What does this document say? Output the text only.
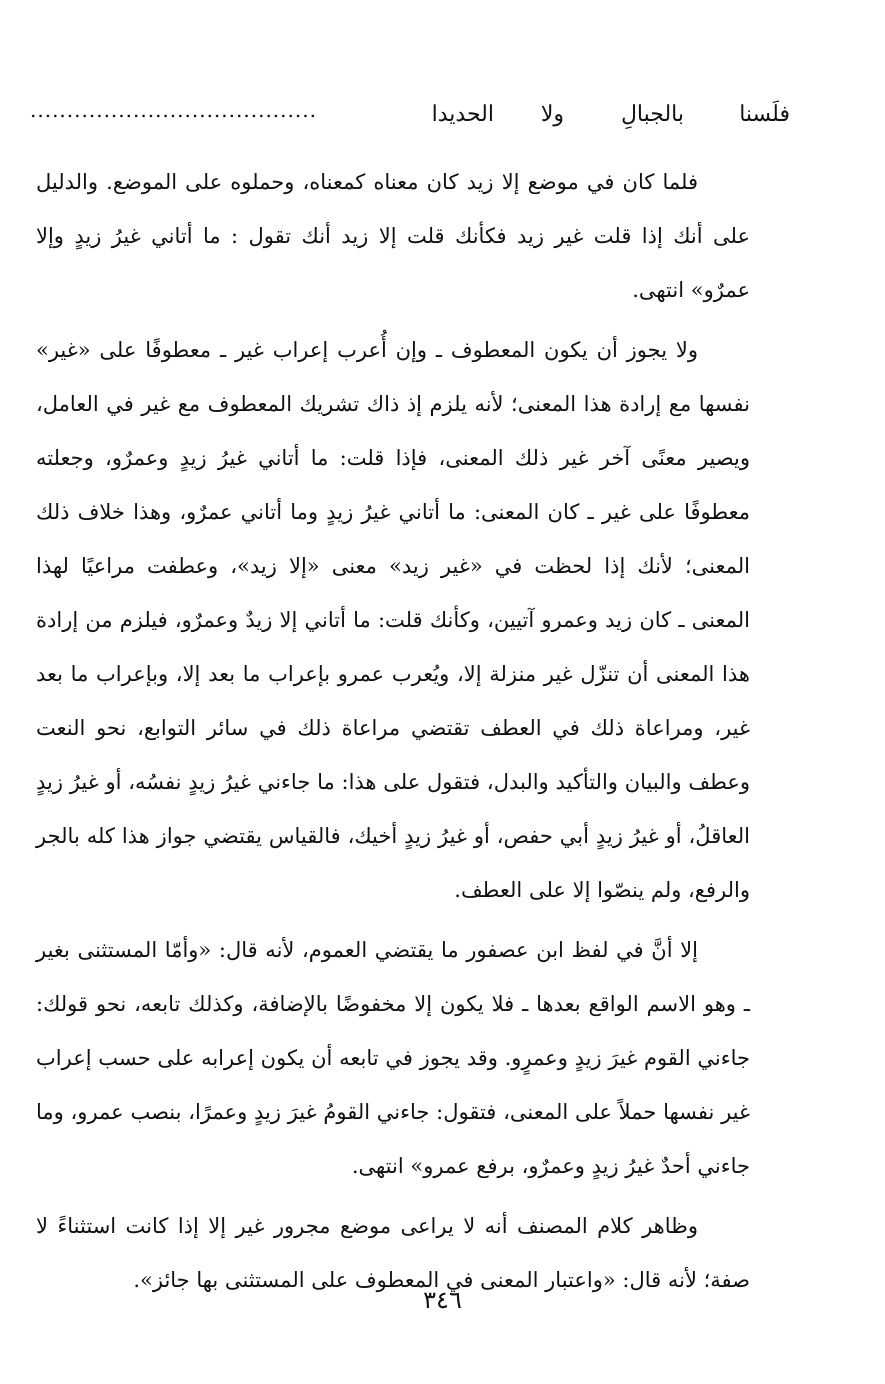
فلَسنا
بالجبالِ
ولا
الحديدا
.......................................

فلما كان في موضع إلا زيد كان معناه كمعناه، وحملوه على الموضع. والدليل على أنك إذا قلت غير زيد فكأنك قلت إلا زيد أنك تقول : ما أتاني غيرُ زيدٍ وإلا عمرٌو» انتهى.

ولا يجوز أن يكون المعطوف ـ وإن أُعرب إعراب غير ـ معطوفًا على «غير» نفسها مع إرادة هذا المعنى؛ لأنه يلزم إذ ذاك تشريك المعطوف مع غير في العامل، ويصير معنًى آخر غير ذلك المعنى، فإذا قلت: ما أتاني غيرُ زيدٍ وعمرٌو، وجعلته معطوفًا على غير ـ كان المعنى: ما أتاني غيرُ زيدٍ وما أتاني عمرٌو، وهذا خلاف ذلك المعنى؛ لأنك إذا لحظت في «غير زيد» معنى «إلا زيد»، وعطفت مراعيًا لهذا المعنى ـ كان زيد وعمرو آتيين، وكأنك قلت: ما أتاني إلا زيدٌ وعمرٌو، فيلزم من إرادة هذا المعنى أن تنزّل غير منزلة إلا، ويُعرب عمرو بإعراب ما بعد إلا، وبإعراب ما بعد غير، ومراعاة ذلك في العطف تقتضي مراعاة ذلك في سائر التوابع، نحو النعت وعطف والبيان والتأكيد والبدل، فتقول على هذا: ما جاءني غيرُ زيدٍ نفسُه، أو غيرُ زيدٍ العاقلُ، أو غيرُ زيدٍ أبي حفص، أو غيرُ زيدٍ أخيك، فالقياس يقتضي جواز هذا كله بالجر والرفع، ولم ينصّوا إلا على العطف.

إلا أنَّ في لفظ ابن عصفور ما يقتضي العموم، لأنه قال: «وأمّا المستثنى بغير ـ وهو الاسم الواقع بعدها ـ فلا يكون إلا مخفوضًا بالإضافة، وكذلك تابعه، نحو قولك: جاءني القوم غيرَ زيدٍ وعمرٍو. وقد يجوز في تابعه أن يكون إعرابه على حسب إعراب غير نفسها حملاً على المعنى، فتقول: جاءني القومُ غيرَ زيدٍ وعمرًا، بنصب عمرو، وما جاءني أحدٌ غيرُ زيدٍ وعمرٌو، برفع عمرو» انتهى.

وظاهر كلام المصنف أنه لا يراعى موضع مجرور غير إلا إذا كانت استثناءً لا صفة؛ لأنه قال: «واعتبار المعنى في المعطوف على المستثنى بها جائز».

٣٤٦
